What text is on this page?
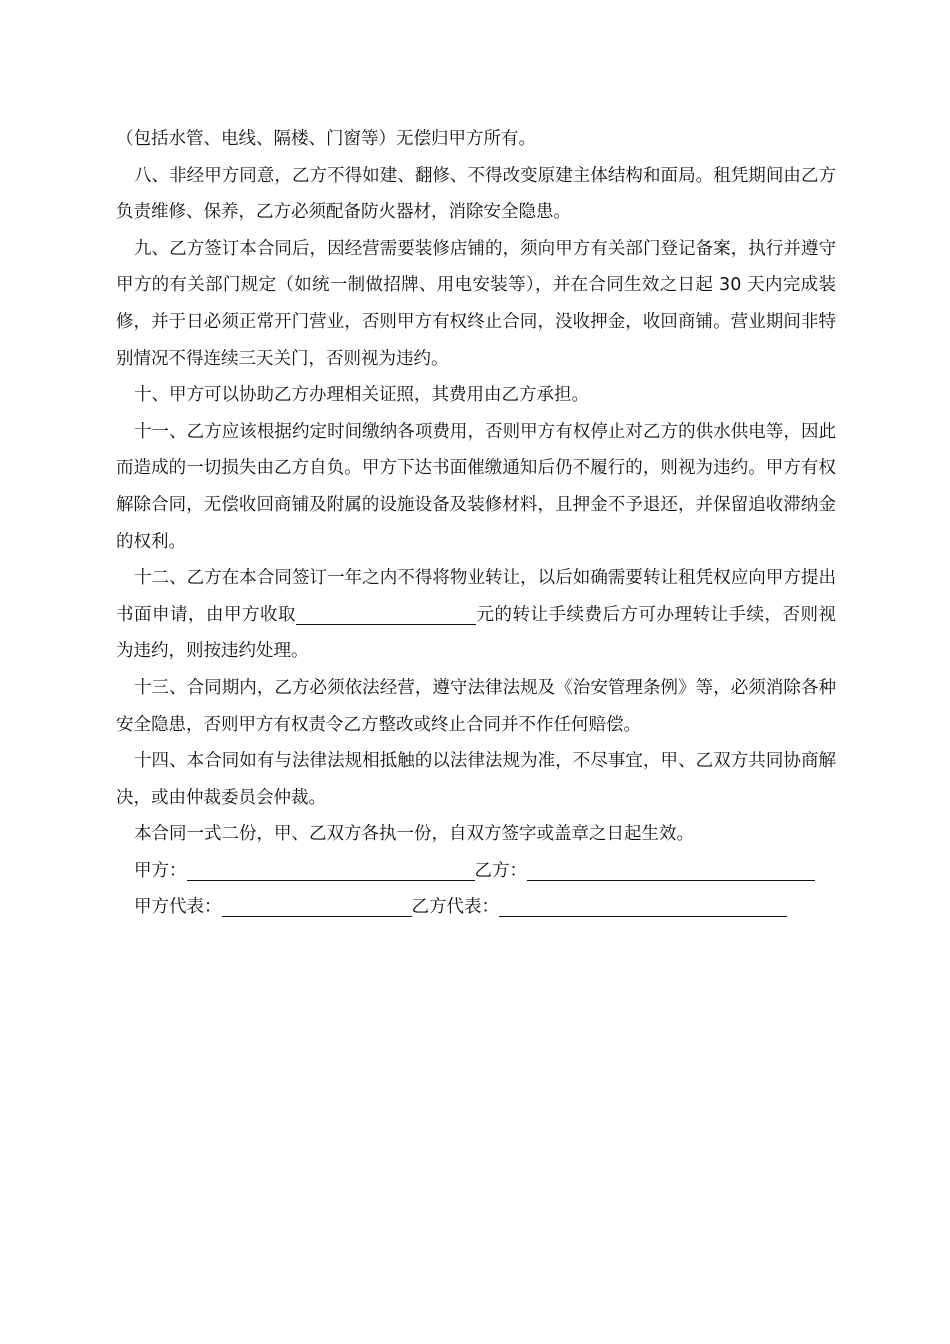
（包括水管、电线、隔楼、门窗等）无偿归甲方所有。

八、非经甲方同意，乙方不得如建、翻修、不得改变原建主体结构和面局。租凭期间由乙方负责维修、保养，乙方必须配备防火器材，消除安全隐患。

九、乙方签订本合同后，因经营需要装修店铺的，须向甲方有关部门登记备案，执行并遵守甲方的有关部门规定（如统一制做招牌、用电安装等），并在合同生效之日起 30 天内完成装修，并于日必须正常开门营业，否则甲方有权终止合同，没收押金，收回商铺。营业期间非特别情况不得连续三天关门，否则视为违约。

十、甲方可以协助乙方办理相关证照，其费用由乙方承担。

十一、乙方应该根据约定时间缴纳各项费用，否则甲方有权停止对乙方的供水供电等，因此而造成的一切损失由乙方自负。甲方下达书面催缴通知后仍不履行的，则视为违约。甲方有权解除合同，无偿收回商铺及附属的设施设备及装修材料，且押金不予退还，并保留追收滞纳金的权利。

十二、乙方在本合同签订一年之内不得将物业转让，以后如确需要转让租凭权应向甲方提出书面申请，由甲方收取	元的转让手续费后方可办理转让手续，否则视为违约，则按违约处理。

十三、合同期内，乙方必须依法经营，遵守法律法规及《治安管理条例》等，必须消除各种安全隐患，否则甲方有权责令乙方整改或终止合同并不作任何赔偿。

十四、本合同如有与法律法规相抵触的以法律法规为准，不尽事宜，甲、乙双方共同协商解决，或由仲裁委员会仲裁。

本合同一式二份，甲、乙双方各执一份，自双方签字或盖章之日起生效。

甲方：	乙方：

甲方代表：	乙方代表：
